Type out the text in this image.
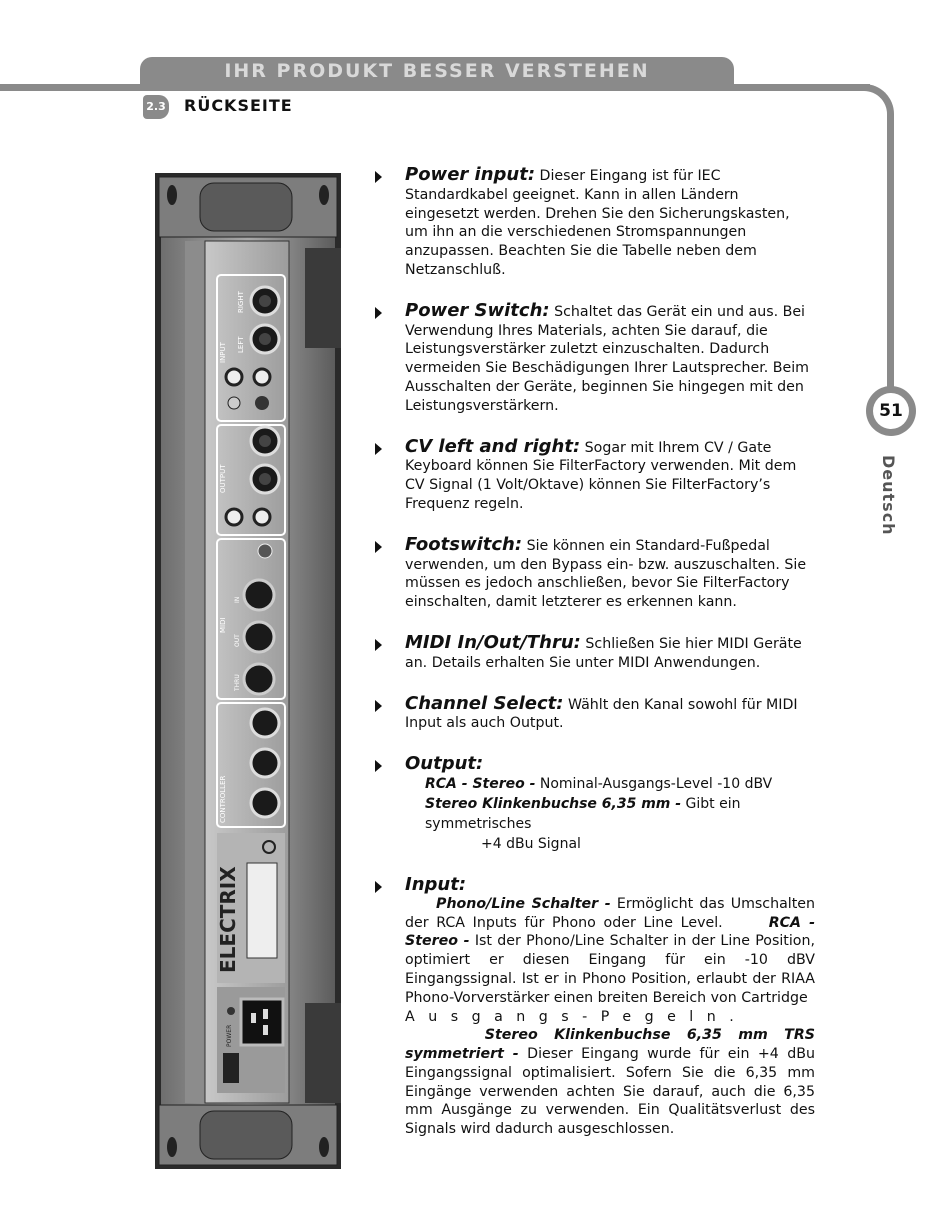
IHR PRODUKT BESSER VERSTEHEN
51
Deutsch
2.3 RÜCKSEITE
INPUT
RIGHT
LEFT
OUTPUT
MIDI
IN
OUT
THRU
CONTROLLER
ELECTRIX
POWER
Power input: Dieser Eingang ist für IEC Standardkabel geeignet. Kann in allen Ländern eingesetzt werden. Drehen Sie den Sicherungskasten, um ihn an die verschiedenen Stromspannungen anzupassen. Beachten Sie die Tabelle neben dem Netzanschluß.
Power Switch: Schaltet das Gerät ein und aus. Bei Verwendung Ihres Materials, achten Sie darauf, die Leistungsverstärker zuletzt einzuschalten. Dadurch vermeiden Sie Beschädigungen Ihrer Lautsprecher. Beim Ausschalten der Geräte, beginnen Sie hingegen mit den Leistungsverstärkern.
CV left and right: Sogar mit Ihrem CV / Gate Keyboard können Sie FilterFactory verwenden. Mit dem CV Signal (1 Volt/Oktave) können Sie FilterFactory’s Frequenz regeln.
Footswitch: Sie können ein Standard-Fußpedal verwenden, um den Bypass ein- bzw. auszuschalten. Sie müssen es jedoch anschließen, bevor Sie FilterFactory einschalten, damit letzterer es erkennen kann.
MIDI In/Out/Thru: Schließen Sie hier MIDI Geräte an. Details erhalten Sie unter MIDI Anwendungen.
Channel Select: Wählt den Kanal sowohl für MIDI Input als auch Output.
Output:
RCA - Stereo - Nominal-Ausgangs-Level -10 dBV
Stereo Klinkenbuchse 6,35 mm - Gibt ein symmetrisches
+4 dBu Signal
Input:
Phono/Line Schalter - Ermöglicht das Umschalten der RCA Inputs für Phono oder Line Level.	RCA - Stereo - Ist der Phono/Line Schalter in der Line Position, optimiert er diesen Eingang für ein -10 dBV Eingangssignal. Ist er in Phono Position, erlaubt der RIAA Phono-Vorverstärker einen breiten Bereich von Cartridge
Ausgangs-Pegeln.
Stereo Klinkenbuchse 6,35 mm TRS symmetriert - Dieser Eingang wurde für ein +4 dBu Eingangssignal optimalisiert. Sofern Sie die 6,35 mm Eingänge verwenden achten Sie darauf, auch die 6,35 mm Ausgänge zu verwenden. Ein Qualitätsverlust des Signals wird dadurch ausgeschlossen.
